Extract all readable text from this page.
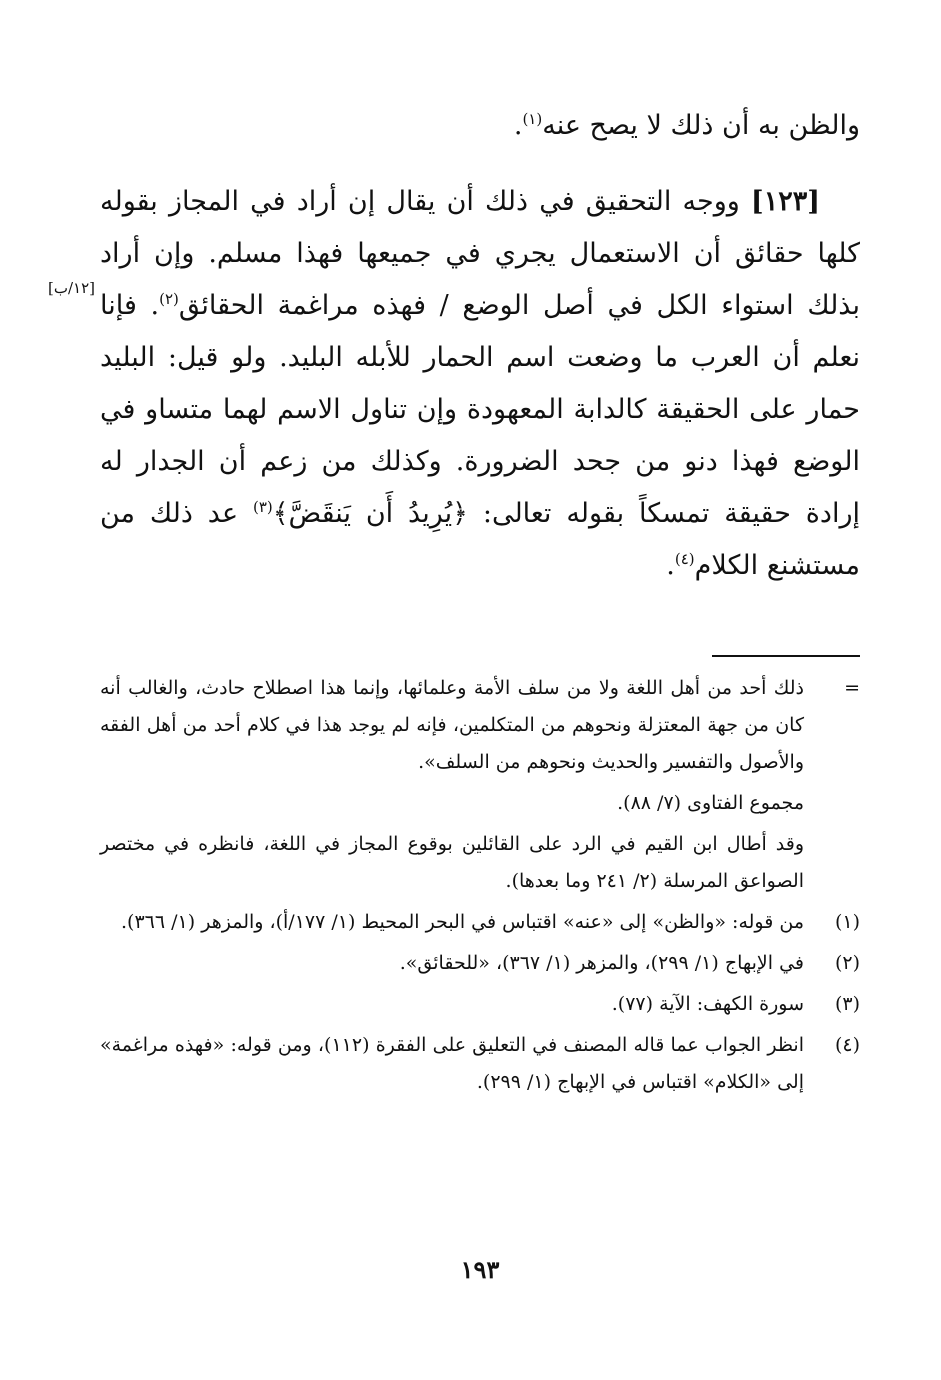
والظن به أن ذلك لا يصح عنه$^{(١)}$.

[١٢٣] ووجه التحقيق في ذلك أن يقال إن أراد في المجاز بقوله كلها حقائق أن الاستعمال يجري في جميعها فهذا مسلم. وإن أراد بذلك استواء الكل في أصل الوضع / فهذه مراغمة الحقائق$^{(٢)}$. فإنا نعلم أن العرب ما وضعت اسم الحمار للأبله البليد. ولو قيل: البليد حمار على الحقيقة كالدابة المعهودة وإن تناول الاسم لهما متساو في الوضع فهذا دنو من جحد الضرورة. وكذلك من زعم أن الجدار له إرادة حقيقة تمسكاً بقوله تعالى: ﴿يُرِيدُ أَن يَنقَضَّ﴾$^{(٣)}$ عد ذلك من مستشنع الكلام$^{(٤)}$.
[١٢/ب]

=
ذلك أحد من أهل اللغة ولا من سلف الأمة وعلمائها، وإنما هذا اصطلاح حادث، والغالب أنه كان من جهة المعتزلة ونحوهم من المتكلمين، فإنه لم يوجد هذا في كلام أحد من أهل الفقه والأصول والتفسير والحديث ونحوهم من السلف».
مجموع الفتاوى (٧/ ٨٨).
وقد أطال ابن القيم في الرد على القائلين بوقوع المجاز في اللغة، فانظره في مختصر الصواعق المرسلة (٢/ ٢٤١ وما بعدها).
(١)
من قوله: «والظن» إلى «عنه» اقتباس في البحر المحيط (١/ ١٧٧/أ)، والمزهر (١/ ٣٦٦).
(٢)
في الإبهاج (١/ ٢٩٩)، والمزهر (١/ ٣٦٧)، «للحقائق».
(٣)
سورة الكهف: الآية (٧٧).
(٤)
انظر الجواب عما قاله المصنف في التعليق على الفقرة (١١٢)، ومن قوله: «فهذه مراغمة» إلى «الكلام» اقتباس في الإبهاج (١/ ٢٩٩).
١٩٣
